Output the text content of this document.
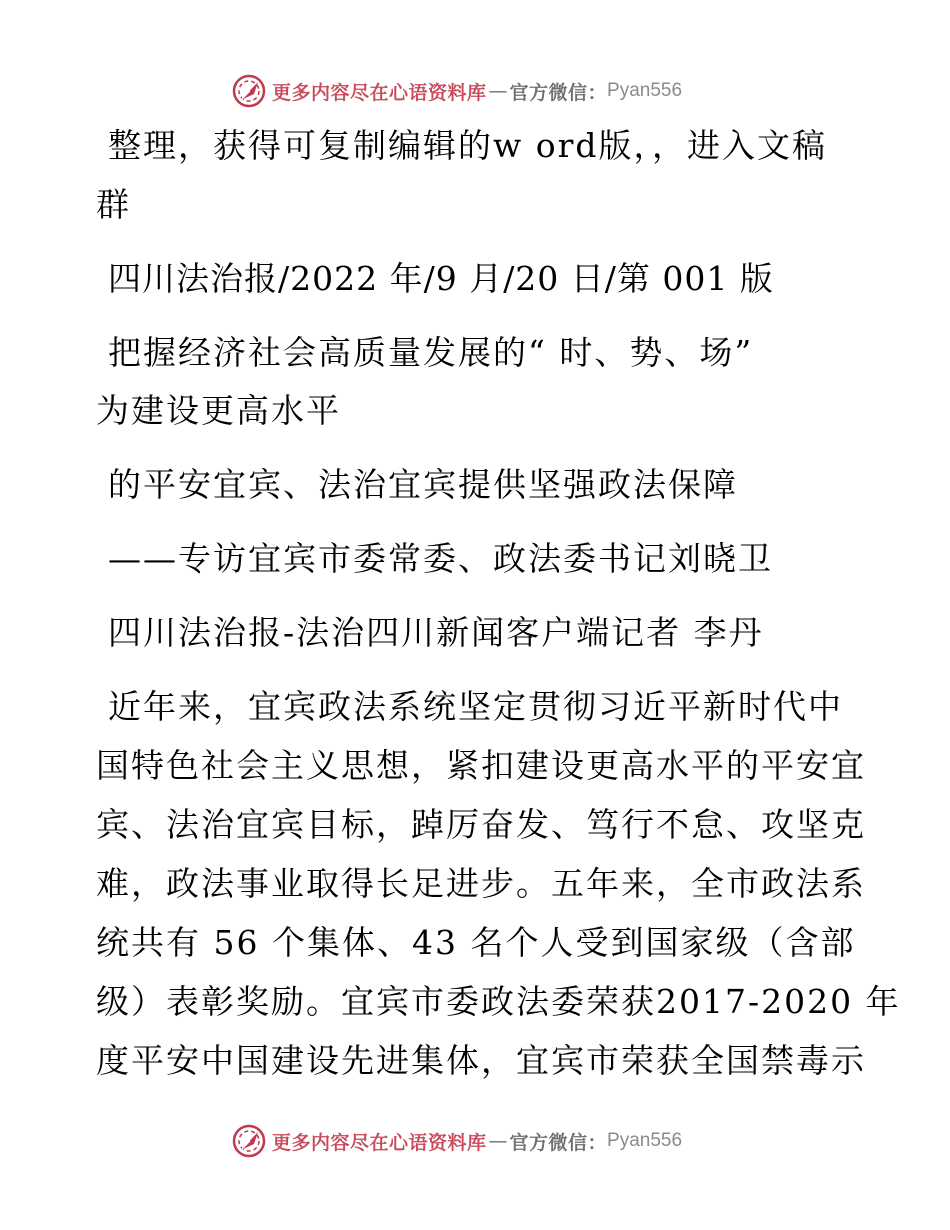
更多内容尽在心语资料库 — 官方微信： Pyan556
整理，获得可复制编辑的w ord版，，进入文稿
群
四川法治报/2022 年/9 月/20 日/第 001 版
把握经济社会高质量发展的“ 时、势、场”
为建设更高水平
的平安宜宾、法治宜宾提供坚强政法保障
——专访宜宾市委常委、政法委书记刘晓卫
四川法治报-法治四川新闻客户端记者 李丹
近年来，宜宾政法系统坚定贯彻习近平新时代中
国特色社会主义思想，紧扣建设更高水平的平安宜
宾、法治宜宾目标，踔厉奋发、笃行不怠、攻坚克
难，政法事业取得长足进步。五年来，全市政法系
统共有 56 个集体、43 名个人受到国家级（含部
级）表彰奖励。宜宾市委政法委荣获2017-2020 年
度平安中国建设先进集体，宜宾市荣获全国禁毒示
更多内容尽在心语资料库 — 官方微信： Pyan556
